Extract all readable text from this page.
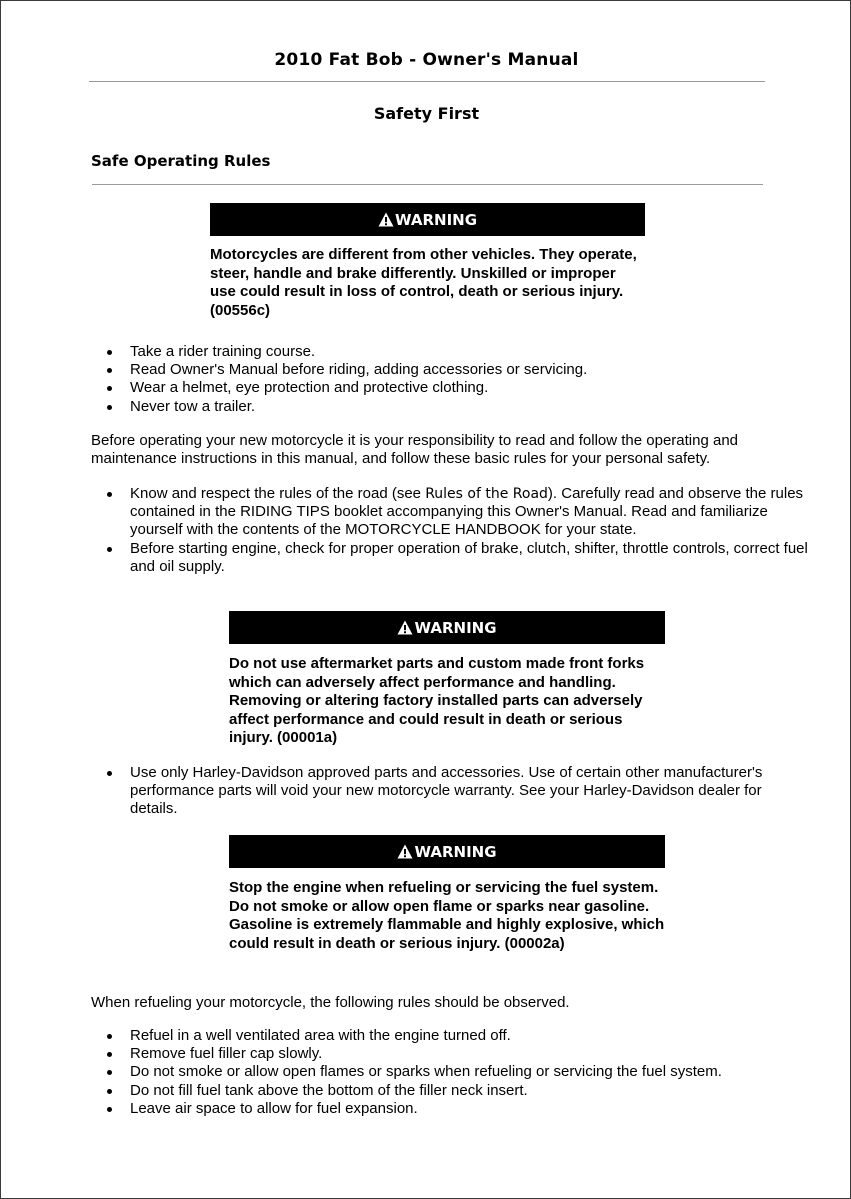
2010 Fat Bob - Owner's Manual
Safety First
Safe Operating Rules
WARNING

Motorcycles are different from other vehicles. They operate, steer, handle and brake differently. Unskilled or improper use could result in loss of control, death or serious injury. (00556c)

Take a rider training course.
Read Owner's Manual before riding, adding accessories or servicing.
Wear a helmet, eye protection and protective clothing.
Never tow a trailer.

Before operating your new motorcycle it is your responsibility to read and follow the operating and maintenance instructions in this manual, and follow these basic rules for your personal safety.

Know and respect the rules of the road (see Rules of the Road). Carefully read and observe the rules contained in the RIDING TIPS booklet accompanying this Owner's Manual. Read and familiarize yourself with the contents of the MOTORCYCLE HANDBOOK for your state.
Before starting engine, check for proper operation of brake, clutch, shifter, throttle controls, correct fuel and oil supply.
WARNING

Do not use aftermarket parts and custom made front forks which can adversely affect performance and handling. Removing or altering factory installed parts can adversely affect performance and could result in death or serious injury. (00001a)

Use only Harley-Davidson approved parts and accessories. Use of certain other manufacturer's performance parts will void your new motorcycle warranty. See your Harley-Davidson dealer for details.
WARNING

Stop the engine when refueling or servicing the fuel system. Do not smoke or allow open flame or sparks near gasoline. Gasoline is extremely flammable and highly explosive, which could result in death or serious injury. (00002a)

When refueling your motorcycle, the following rules should be observed.

Refuel in a well ventilated area with the engine turned off.
Remove fuel filler cap slowly.
Do not smoke or allow open flames or sparks when refueling or servicing the fuel system.
Do not fill fuel tank above the bottom of the filler neck insert.
Leave air space to allow for fuel expansion.
